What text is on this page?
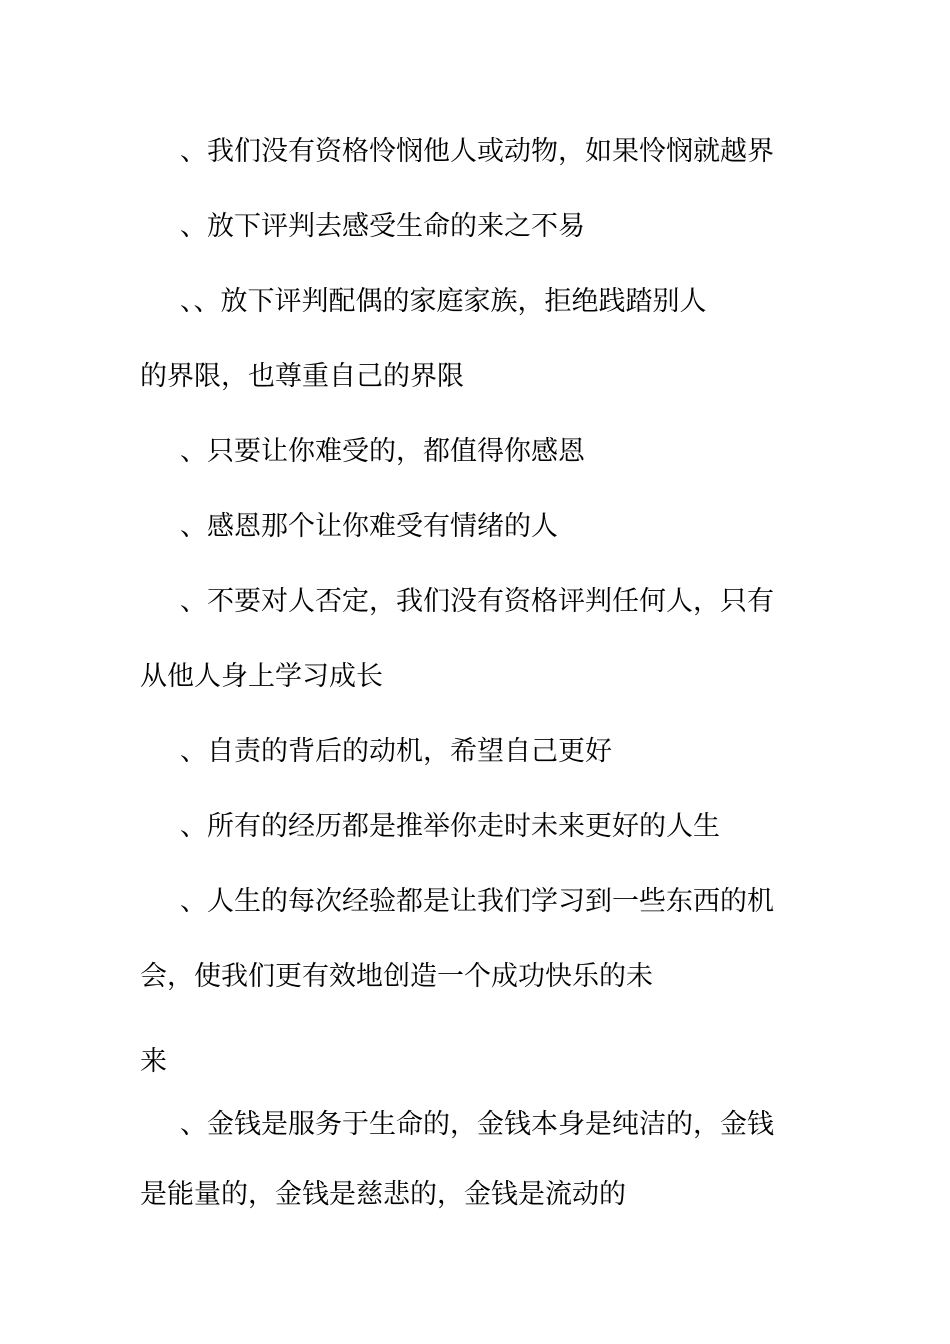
、我们没有资格怜悯他人或动物，如果怜悯就越界
、放下评判去感受生命的来之不易
、、放下评判配偶的家庭家族，拒绝践踏别人
的界限，也尊重自己的界限
、只要让你难受的，都值得你感恩
、感恩那个让你难受有情绪的人
、不要对人否定，我们没有资格评判任何人，只有
从他人身上学习成长
、自责的背后的动机，希望自己更好
、所有的经历都是推举你走时未来更好的人生
、人生的每次经验都是让我们学习到一些东西的机
会，使我们更有效地创造一个成功快乐的未
来
、金钱是服务于生命的，金钱本身是纯洁的，金钱
是能量的，金钱是慈悲的，金钱是流动的
